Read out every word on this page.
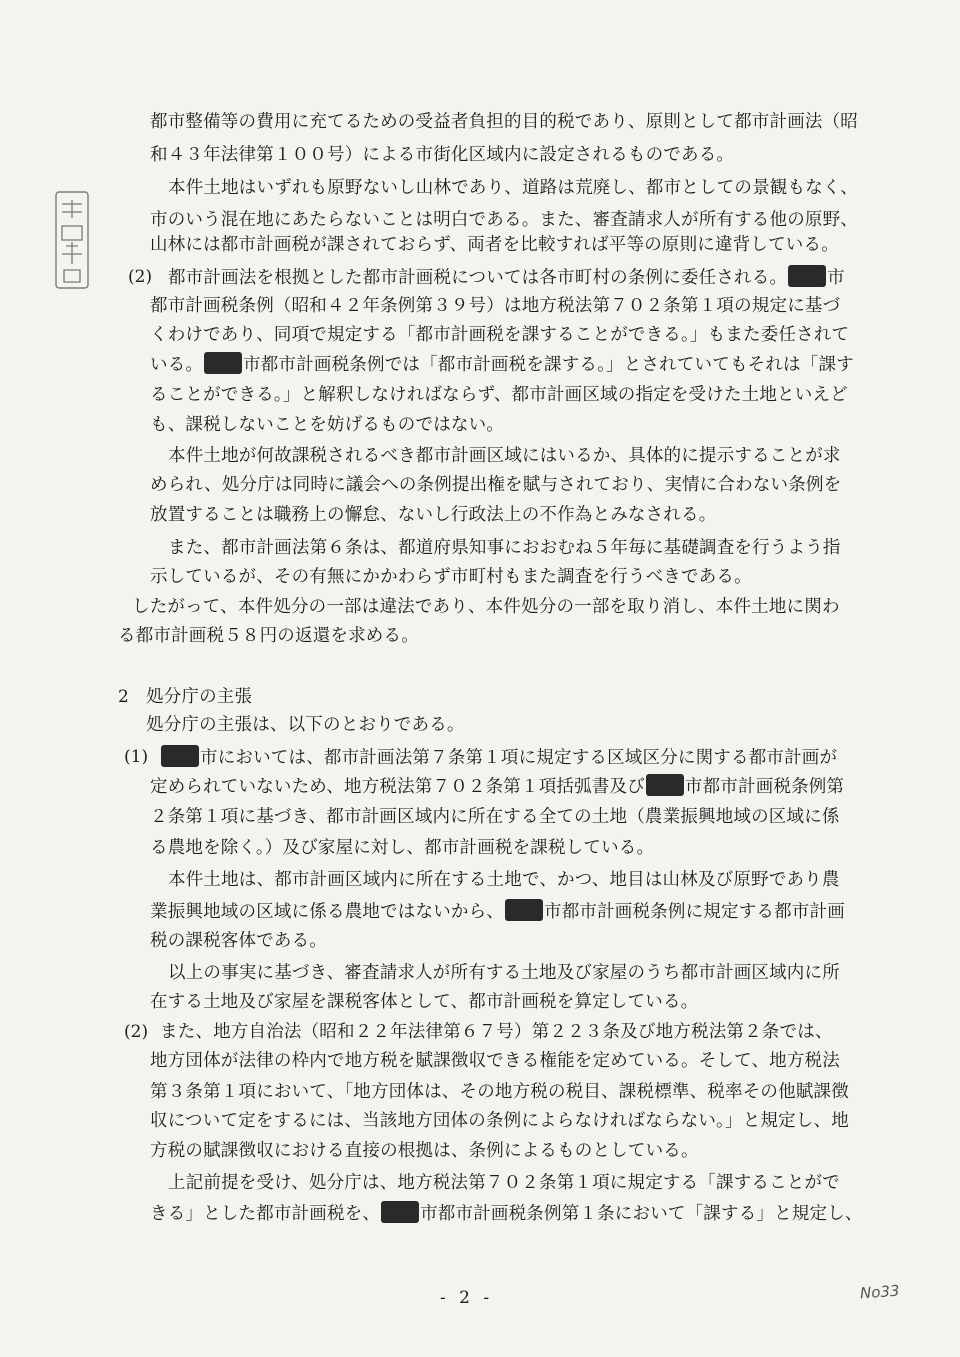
都市整備等の費用に充てるための受益者負担的目的税であり、原則として都市計画法（昭
和４３年法律第１００号）による市街化区域内に設定されるものである。
本件土地はいずれも原野ないし山林であり、道路は荒廃し、都市としての景観もなく、
市のいう混在地にあたらないことは明白である。また、審査請求人が所有する他の原野、
山林には都市計画税が課されておらず、両者を比較すれば平等の原則に違背している。
(2) 都市計画法を根拠とした都市計画税については各市町村の条例に委任される。 市
都市計画税条例（昭和４２年条例第３９号）は地方税法第７０２条第１項の規定に基づ
くわけであり、同項で規定する「都市計画税を課することができる。」もまた委任されて
いる。 市都市計画税条例では「都市計画税を課する。」とされていてもそれは「課す
ることができる。」と解釈しなければならず、都市計画区域の指定を受けた土地といえど
も、課税しないことを妨げるものではない。
本件土地が何故課税されるべき都市計画区域にはいるか、具体的に提示することが求
められ、処分庁は同時に議会への条例提出権を賦与されており、実情に合わない条例を
放置することは職務上の懈怠、ないし行政法上の不作為とみなされる。
また、都市計画法第６条は、都道府県知事におおむね５年毎に基礎調査を行うよう指
示しているが、その有無にかかわらず市町村もまた調査を行うべきである。
したがって、本件処分の一部は違法であり、本件処分の一部を取り消し、本件土地に関わ
る都市計画税５８円の返還を求める。
2 処分庁の主張
処分庁の主張は、以下のとおりである。
(1)	市においては、都市計画法第７条第１項に規定する区域区分に関する都市計画が
定められていないため、地方税法第７０２条第１項括弧書及び 市都市計画税条例第
２条第１項に基づき、都市計画区域内に所在する全ての土地（農業振興地域の区域に係
る農地を除く。）及び家屋に対し、都市計画税を課税している。
本件土地は、都市計画区域内に所在する土地で、かつ、地目は山林及び原野であり農
業振興地域の区域に係る農地ではないから、 市都市計画税条例に規定する都市計画
税の課税客体である。
以上の事実に基づき、審査請求人が所有する土地及び家屋のうち都市計画区域内に所
在する土地及び家屋を課税客体として、都市計画税を算定している。
(2) また、地方自治法（昭和２２年法律第６７号）第２２３条及び地方税法第２条では、
地方団体が法律の枠内で地方税を賦課徴収できる権能を定めている。そして、地方税法
第３条第１項において、「地方団体は、その地方税の税目、課税標準、税率その他賦課徴
収について定をするには、当該地方団体の条例によらなければならない。」と規定し、地
方税の賦課徴収における直接の根拠は、条例によるものとしている。
上記前提を受け、処分庁は、地方税法第７０２条第１項に規定する「課することがで
きる」とした都市計画税を、 市都市計画税条例第１条において「課する」と規定し、
- 2 -	No33
